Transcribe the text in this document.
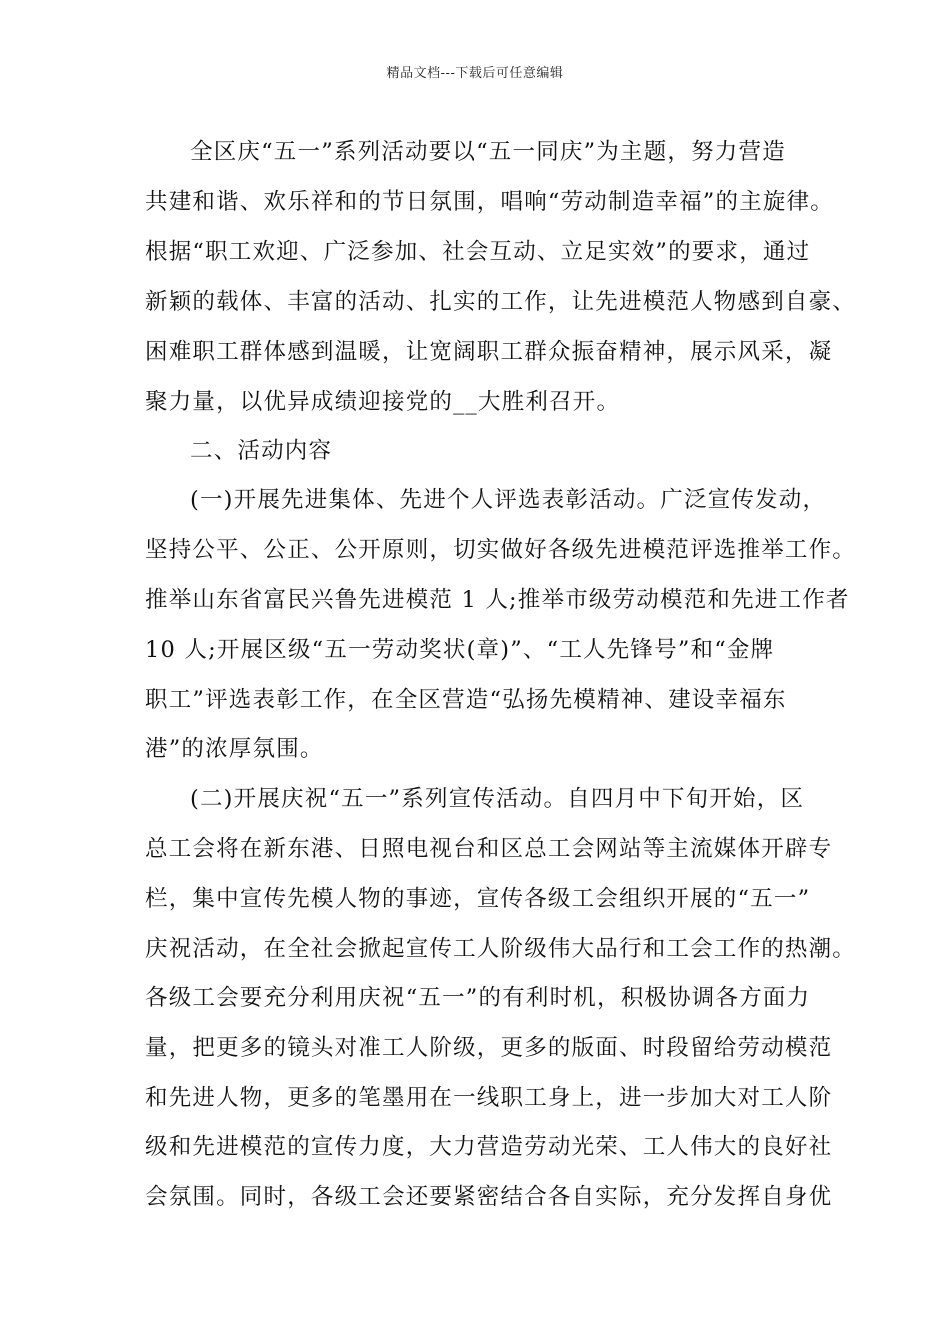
精品文档---下载后可任意编辑
全区庆“五一”系列活动要以“五一同庆”为主题，努力营造
共建和谐、欢乐祥和的节日氛围，唱响“劳动制造幸福”的主旋律。
根据“职工欢迎、广泛参加、社会互动、立足实效”的要求，通过
新颖的载体、丰富的活动、扎实的工作，让先进模范人物感到自豪、
困难职工群体感到温暖，让宽阔职工群众振奋精神，展示风采，凝
聚力量，以优异成绩迎接党的__大胜利召开。
二、活动内容
(一)开展先进集体、先进个人评选表彰活动。广泛宣传发动，
坚持公平、公正、公开原则，切实做好各级先进模范评选推举工作。
推举山东省富民兴鲁先进模范 1 人;推举市级劳动模范和先进工作者
10 人;开展区级“五一劳动奖状(章)”、“工人先锋号”和“金牌
职工”评选表彰工作，在全区营造“弘扬先模精神、建设幸福东
港”的浓厚氛围。
(二)开展庆祝“五一”系列宣传活动。自四月中下旬开始，区
总工会将在新东港、日照电视台和区总工会网站等主流媒体开辟专
栏，集中宣传先模人物的事迹，宣传各级工会组织开展的“五一”
庆祝活动，在全社会掀起宣传工人阶级伟大品行和工会工作的热潮。
各级工会要充分利用庆祝“五一”的有利时机，积极协调各方面力
量，把更多的镜头对准工人阶级，更多的版面、时段留给劳动模范
和先进人物，更多的笔墨用在一线职工身上，进一步加大对工人阶
级和先进模范的宣传力度，大力营造劳动光荣、工人伟大的良好社
会氛围。同时，各级工会还要紧密结合各自实际，充分发挥自身优
